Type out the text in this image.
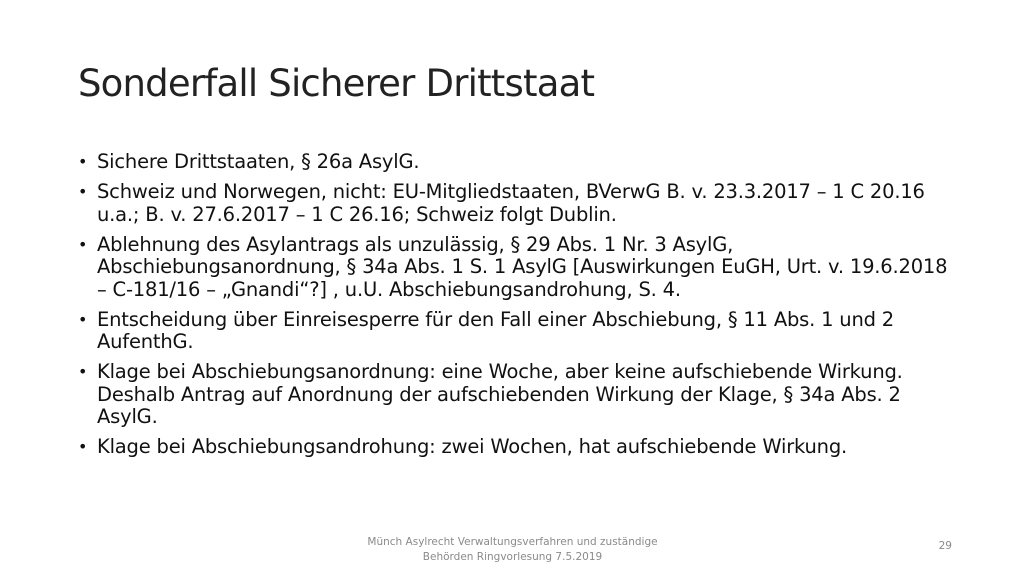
Sonderfall Sicherer Drittstaat
• Sichere Drittstaaten, § 26a AsylG.
• Schweiz und Norwegen, nicht: EU-Mitgliedstaaten, BVerwG B. v. 23.3.2017 – 1 C 20.16 u.a.; B. v. 27.6.2017 – 1 C 26.16; Schweiz folgt Dublin.
• Ablehnung des Asylantrags als unzulässig, § 29 Abs. 1 Nr. 3 AsylG, Abschiebungsanordnung, § 34a Abs. 1 S. 1 AsylG [Auswirkungen EuGH, Urt. v. 19.6.2018 – C-181/16 – „Gnandi“?] , u.U. Abschiebungsandrohung, S. 4.
• Entscheidung über Einreisesperre für den Fall einer Abschiebung, § 11 Abs. 1 und 2 AufenthG.
• Klage bei Abschiebungsanordnung: eine Woche, aber keine aufschiebende Wirkung. Deshalb Antrag auf Anordnung der aufschiebenden Wirkung der Klage, § 34a Abs. 2 AsylG.
• Klage bei Abschiebungsandrohung: zwei Wochen, hat aufschiebende Wirkung.
Münch Asylrecht Verwaltungsverfahren und zuständige
Behörden Ringvorlesung 7.5.2019
29
